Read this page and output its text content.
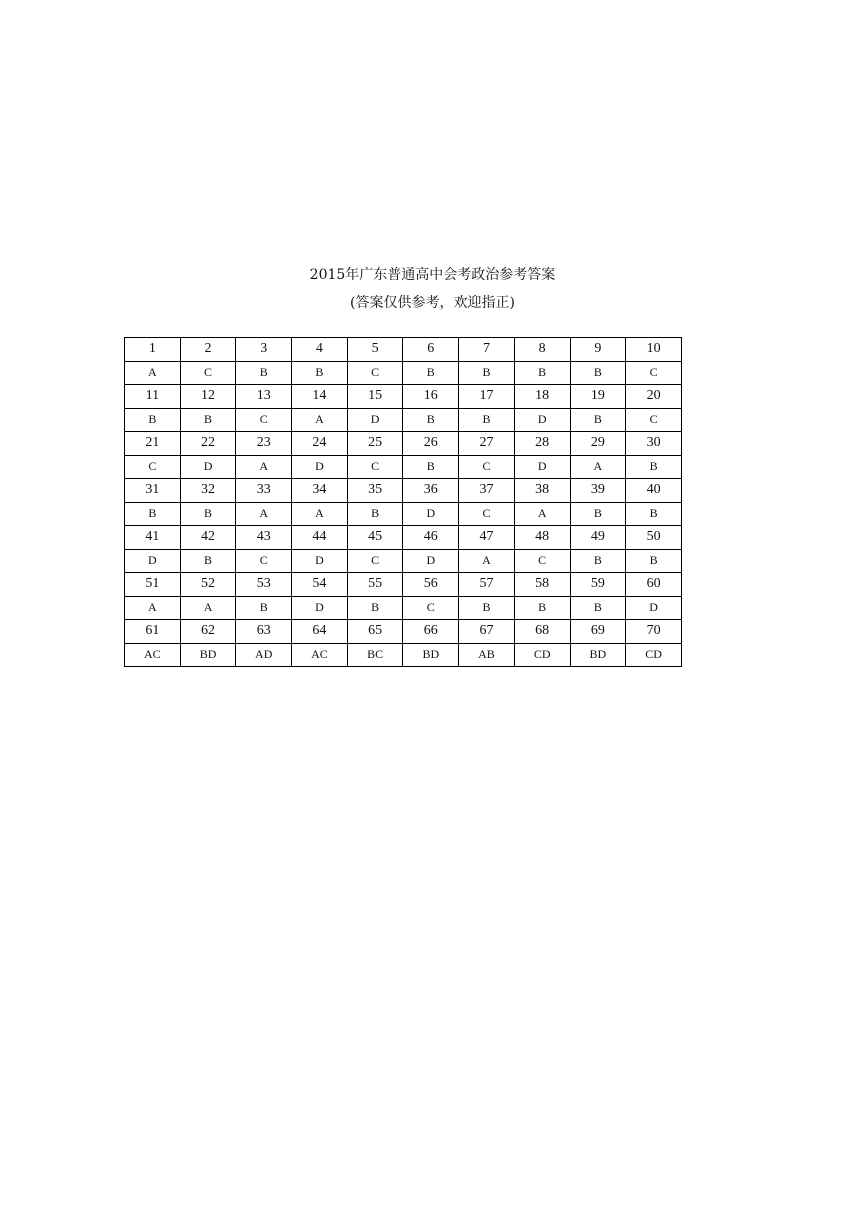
2015年广东普通高中会考政治参考答案
(答案仅供参考，欢迎指正)
1	2	3	4	5	6	7	8	9	10
A	C	B	B	C	B	B	B	B	C
11	12	13	14	15	16	17	18	19	20
B	B	C	A	D	B	B	D	B	C
21	22	23	24	25	26	27	28	29	30
C	D	A	D	C	B	C	D	A	B
31	32	33	34	35	36	37	38	39	40
B	B	A	A	B	D	C	A	B	B
41	42	43	44	45	46	47	48	49	50
D	B	C	D	C	D	A	C	B	B
51	52	53	54	55	56	57	58	59	60
A	A	B	D	B	C	B	B	B	D
61	62	63	64	65	66	67	68	69	70
AC	BD	AD	AC	BC	BD	AB	CD	BD	CD
